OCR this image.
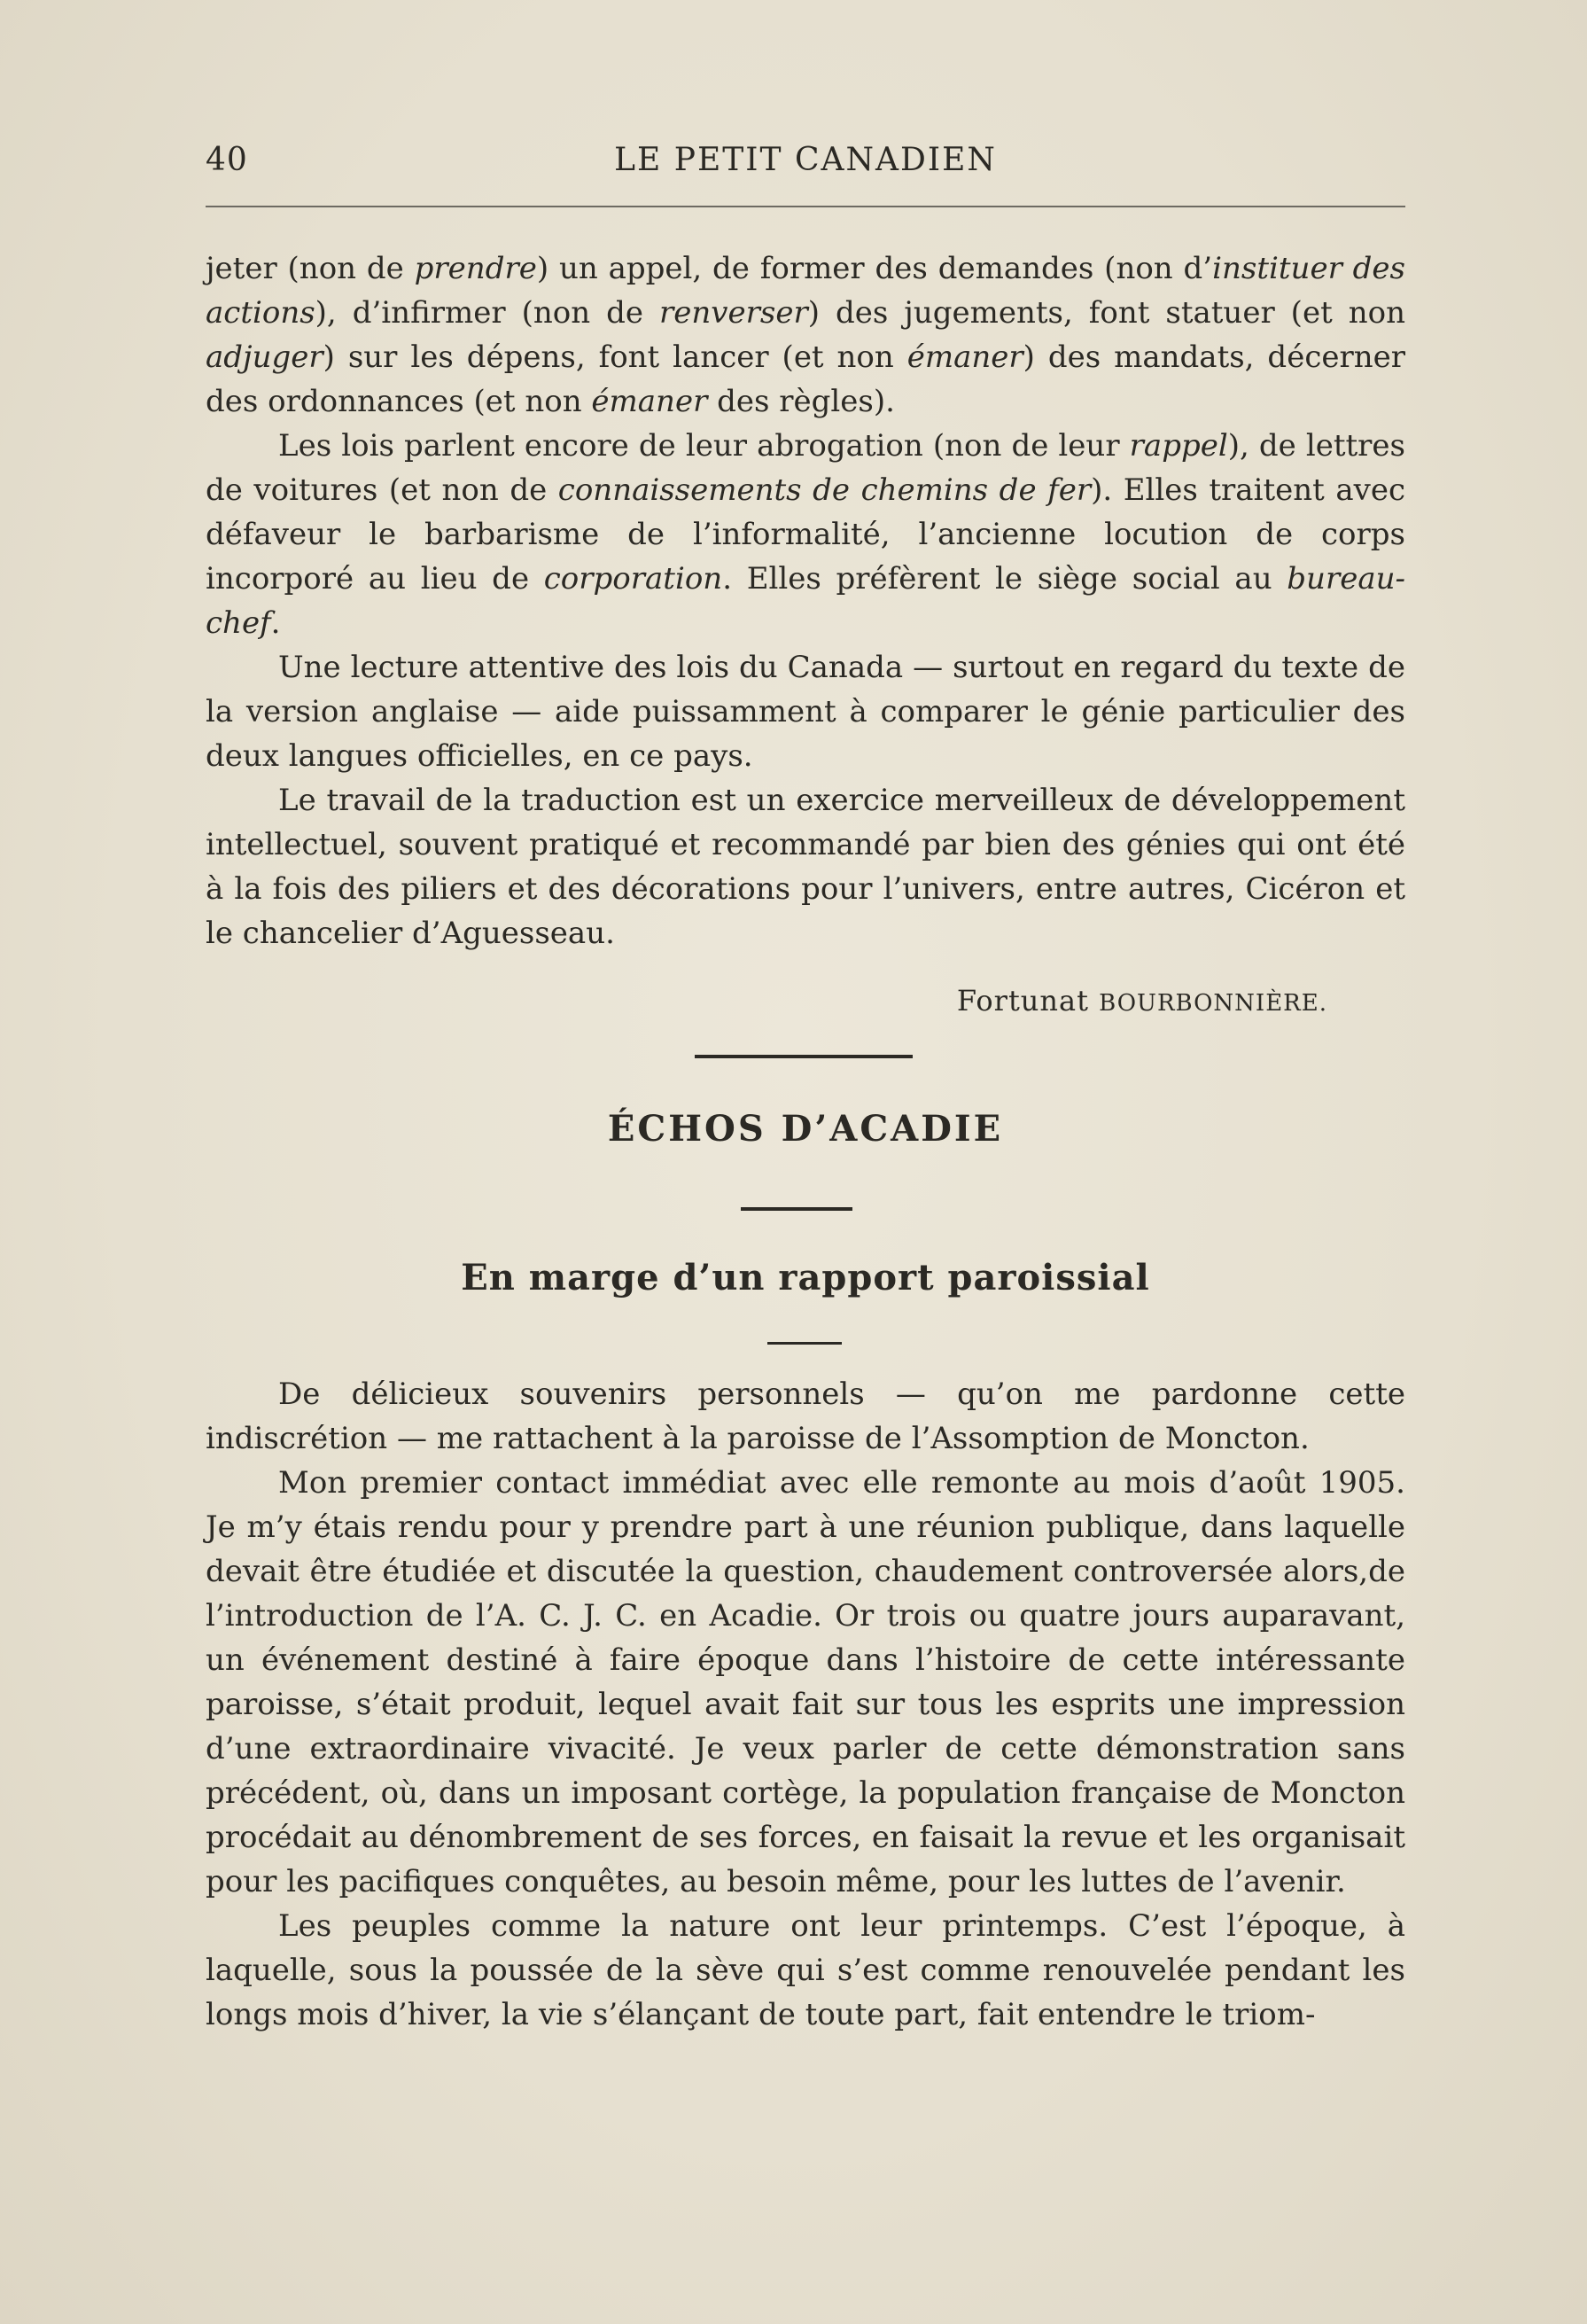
40	LE PETIT CANADIEN

jeter (non de prendre) un appel, de former des demandes (non d’instituer des actions), d’infirmer (non de renverser) des jugements, font statuer (et non adjuger) sur les dépens, font lancer (et non émaner) des mandats, décerner des ordonnances (et non émaner des règles).

Les lois parlent encore de leur abrogation (non de leur rappel), de lettres de voitures (et non de connaissements de chemins de fer). Elles traitent avec défaveur le barbarisme de l’informalité, l’ancienne locution de corps incorporé au lieu de corporation. Elles préfèrent le siège social au bureau-chef.

Une lecture attentive des lois du Canada — surtout en regard du texte de la version anglaise — aide puissamment à comparer le génie particulier des deux langues officielles, en ce pays.

Le travail de la traduction est un exercice merveilleux de développement intellectuel, souvent pratiqué et recommandé par bien des génies qui ont été à la fois des piliers et des décorations pour l’univers, entre autres, Cicéron et le chancelier d’Aguesseau.

Fortunat BOURBONNIÈRE.
ÉCHOS D’ACADIE
En marge d’un rapport paroissial

De délicieux souvenirs personnels — qu’on me pardonne cette indiscrétion — me rattachent à la paroisse de l’Assomption de Moncton.

Mon premier contact immédiat avec elle remonte au mois d’août 1905. Je m’y étais rendu pour y prendre part à une réunion publique, dans laquelle devait être étudiée et discutée la question, chaudement controversée alors,de l’introduction de l’A. C. J. C. en Acadie. Or trois ou quatre jours auparavant, un événement destiné à faire époque dans l’histoire de cette intéressante paroisse, s’était produit, lequel avait fait sur tous les esprits une impression d’une extraordinaire vivacité. Je veux parler de cette démonstration sans précédent, où, dans un imposant cortège, la population française de Moncton procédait au dénombrement de ses forces, en faisait la revue et les organisait pour les pacifiques conquêtes, au besoin même, pour les luttes de l’avenir.

Les peuples comme la nature ont leur printemps. C’est l’époque, à laquelle, sous la poussée de la sève qui s’est comme renouvelée pendant les longs mois d’hiver, la vie s’élançant de toute part, fait entendre le triom-
